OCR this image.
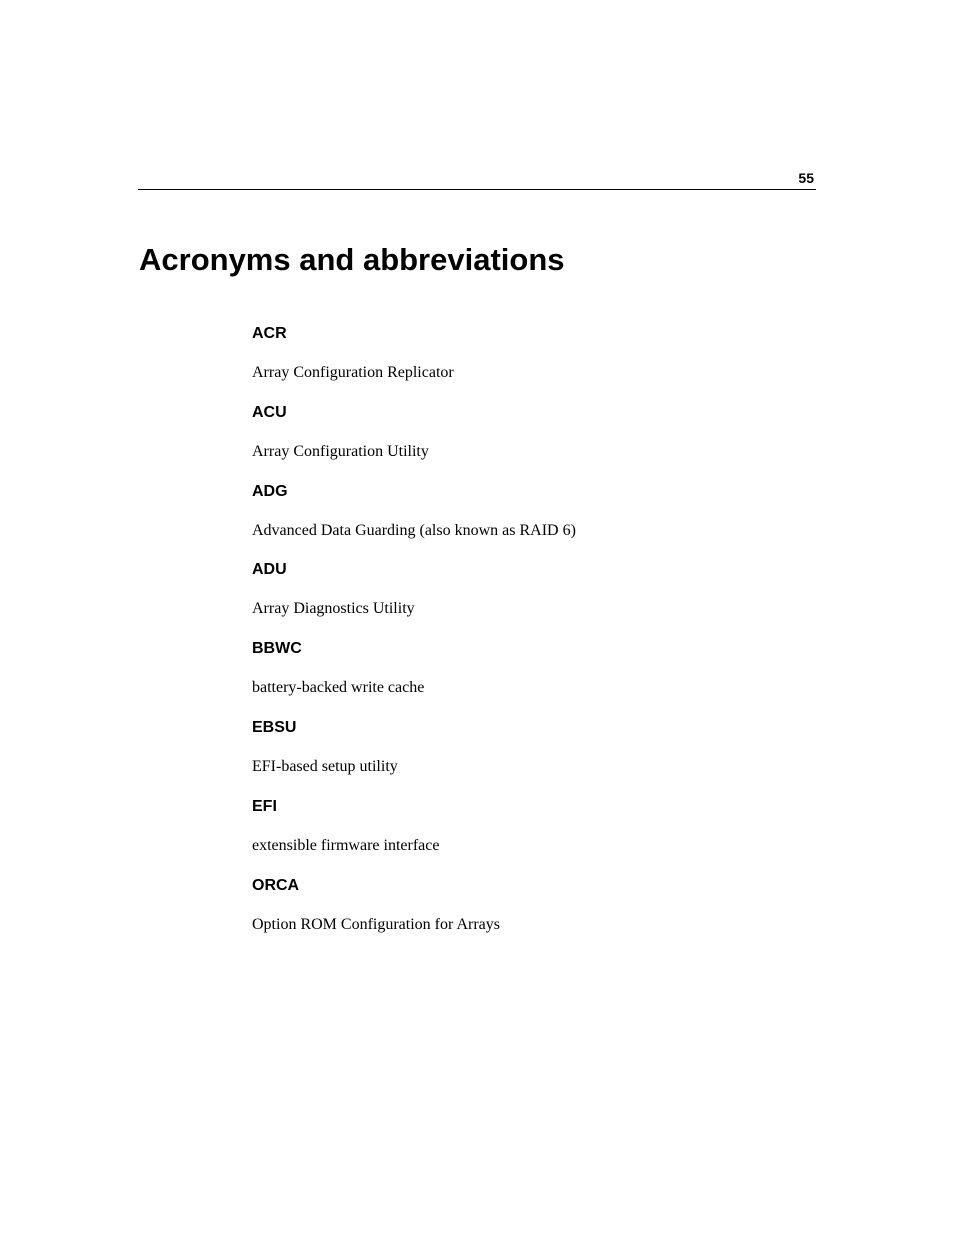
55
Acronyms and abbreviations
ACR
Array Configuration Replicator
ACU
Array Configuration Utility
ADG
Advanced Data Guarding (also known as RAID 6)
ADU
Array Diagnostics Utility
BBWC
battery-backed write cache
EBSU
EFI-based setup utility
EFI
extensible firmware interface
ORCA
Option ROM Configuration for Arrays
